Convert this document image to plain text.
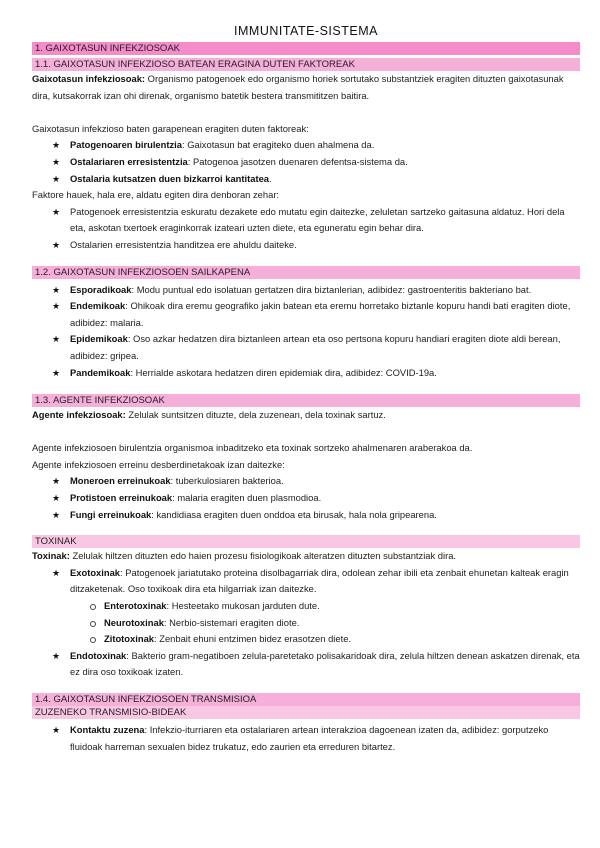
IMMUNITATE-SISTEMA
1. GAIXOTASUN INFEKZIOSOAK
1.1. GAIXOTASUN INFEKZIOSO BATEAN ERAGINA DUTEN FAKTOREAK

Gaixotasun infekziosoak: Organismo patogenoek edo organismo horiek sortutako substantziek eragiten dituzten gaixotasunak dira, kutsakorrak izan ohi direnak, organismo batetik bestera transmititzen baitira.

Gaixotasun infekzioso baten garapenean eragiten duten faktoreak:

★ Patogenoaren birulentzia: Gaixotasun bat eragiteko duen ahalmena da.
★ Ostalariaren erresistentzia: Patogenoa jasotzen duenaren defentsa-sistema da.
★ Ostalaria kutsatzen duen bizkarroi kantitatea.

Faktore hauek, hala ere, aldatu egiten dira denboran zehar:

★ Patogenoek erresistentzia eskuratu dezakete edo mutatu egin daitezke, zeluletan sartzeko gaitasuna aldatuz. Hori dela eta, askotan txertoek eraginkorrak izateari uzten diete, eta eguneratu egin behar dira.
★ Ostalarien erresistentzia handitzea ere ahuldu daiteke.
1.2. GAIXOTASUN INFEKZIOSOEN SAILKAPENA
★ Esporadikoak: Modu puntual edo isolatuan gertatzen dira biztanlerian, adibidez: gastroenteritis bakteriano bat.
★ Endemikoak: Ohikoak dira eremu geografiko jakin batean eta eremu horretako biztanle kopuru handi bati eragiten diote, adibidez: malaria.
★ Epidemikoak: Oso azkar hedatzen dira biztanleen artean eta oso pertsona kopuru handiari eragiten diote aldi berean, adibidez: gripea.
★ Pandemikoak: Herrialde askotara hedatzen diren epidemiak dira, adibidez: COVID-19a.
1.3. AGENTE INFEKZIOSOAK

Agente infekziosoak: Zelulak suntsitzen dituzte, dela zuzenean, dela toxinak sartuz.

Agente infekziosoen birulentzia organismoa inbaditzeko eta toxinak sortzeko ahalmenaren araberakoa da.

Agente infekziosoen erreinu desberdinetakoak izan daitezke:

★ Moneroen erreinukoak: tuberkulosiaren bakterioa.
★ Protistoen erreinukoak: malaria eragiten duen plasmodioa.
★ Fungi erreinukoak: kandidiasa eragiten duen onddoa eta birusak, hala nola gripearena.
TOXINAK

Toxinak: Zelulak hiltzen dituzten edo haien prozesu fisiologikoak alteratzen dituzten substantziak dira.

★ Exotoxinak: Patogenoek jariatutako proteina disolbagarriak dira, odolean zehar ibili eta zenbait ehunetan kalteak eragin ditzaketenak. Oso toxikoak dira eta hilgarriak izan daitezke.
Enterotoxinak: Hesteetako mukosan jarduten dute.
Neurotoxinak: Nerbio-sistemari eragiten diote.
Zitotoxinak: Zenbait ehuni entzimen bidez erasotzen diete.
★ Endotoxinak: Bakterio gram-negatiboen zelula-paretetako polisakaridoak dira, zelula hiltzen denean askatzen direnak, eta ez dira oso toxikoak izaten.
1.4. GAIXOTASUN INFEKZIOSOEN TRANSMISIOA
ZUZENEKO TRANSMISIO-BIDEAK
★ Kontaktu zuzena: Infekzio-iturriaren eta ostalariaren artean interakzioa dagoenean izaten da, adibidez: gorputzeko fluidoak harreman sexualen bidez trukatuz, edo zaurien eta erreduren bitartez.
